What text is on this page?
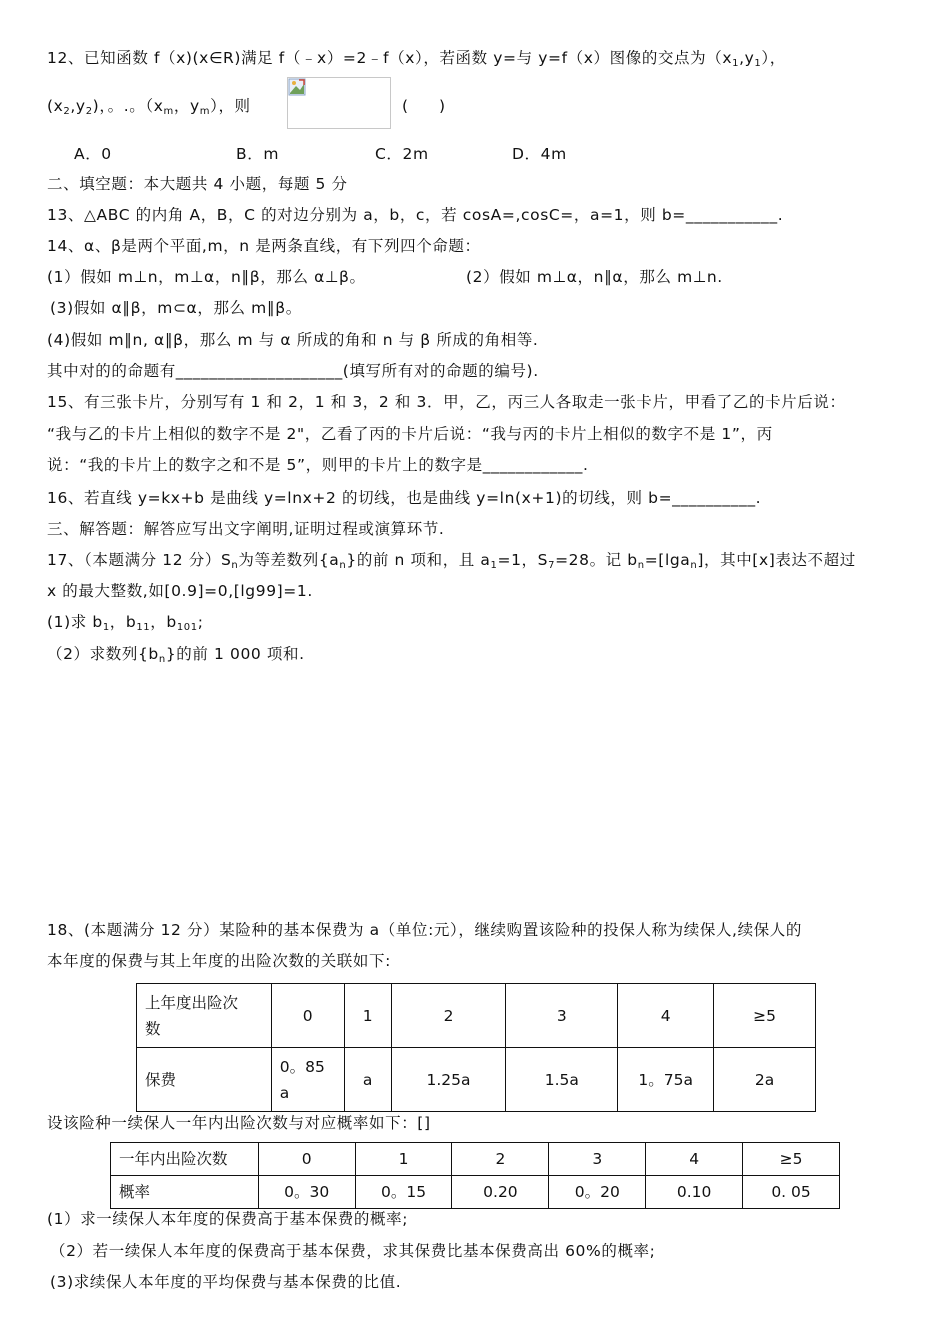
12、已知函数 f（x)(x∈R)满足 f（﹣x）=2﹣f（x），若函数 y=与 y=f（x）图像的交点为$(x_1,y_1)$，
$(x_2,y_2)$，。.。（$x_m$，$y_m$），则	(　　)
A．0	B．m	C．2m	D．4m
二、填空题：本大题共 4 小题，每题 5 分
13、△ABC 的内角 A，B，C 的对边分别为 a，b，c，若 cosA=,cosC=，a=1，则 b=___________.
14、α、β是两个平面,m，n 是两条直线，有下列四个命题：
(1）假如 m⊥n，m⊥α，n∥β，那么 α⊥β。	(2）假如 m⊥α，n∥α，那么 m⊥n.
(3)假如 α∥β，m⊂α，那么 m∥β。
(4)假如 m∥n, α∥β，那么 m 与 α 所成的角和 n 与 β 所成的角相等.
其中对的的命题有____________________(填写所有对的命题的编号).
15、有三张卡片，分别写有 1 和 2，1 和 3，2 和 3．甲，乙，丙三人各取走一张卡片，甲看了乙的卡片后说：
“我与乙的卡片上相似的数字不是 2"，乙看了丙的卡片后说：“我与丙的卡片上相似的数字不是 1”，丙
说：“我的卡片上的数字之和不是 5”，则甲的卡片上的数字是____________.
16、若直线 y=kx+b 是曲线 y=lnx+2 的切线，也是曲线 y=ln(x+1)的切线，则 b=__________.
三、解答题：解答应写出文字阐明,证明过程或演算环节.
17、（本题满分 12 分）$S_n$为等差数列$\{a_n\}$的前 n 项和，且 $a_1=1$，$S_7=28$。记 $b_n=[\lg a_n]$，其中[x]表达不超过
x 的最大整数,如[0.9]=0,[lg99]=1.
(1)求 $b_1$，$b_{11}$，$b_{101}$;
（2）求数列$\{b_n\}$的前 1 000 项和.
18、(本题满分 12 分）某险种的基本保费为 a（单位:元），继续购置该险种的投保人称为续保人,续保人的
本年度的保费与其上年度的出险次数的关联如下:
上年度出险次
数	0	1	2	3	4	≥5
保费	0。85
a	a	1.25a	1.5a	1。75a	2a
设该险种一续保人一年内出险次数与对应概率如下：[]
一年内出险次数	0	1	2	3	4	≥5
概率	0。30	0。15	0.20	0。20	0.10	0. 05
(1）求一续保人本年度的保费高于基本保费的概率;
（2）若一续保人本年度的保费高于基本保费，求其保费比基本保费高出 60%的概率;
(3)求续保人本年度的平均保费与基本保费的比值.
